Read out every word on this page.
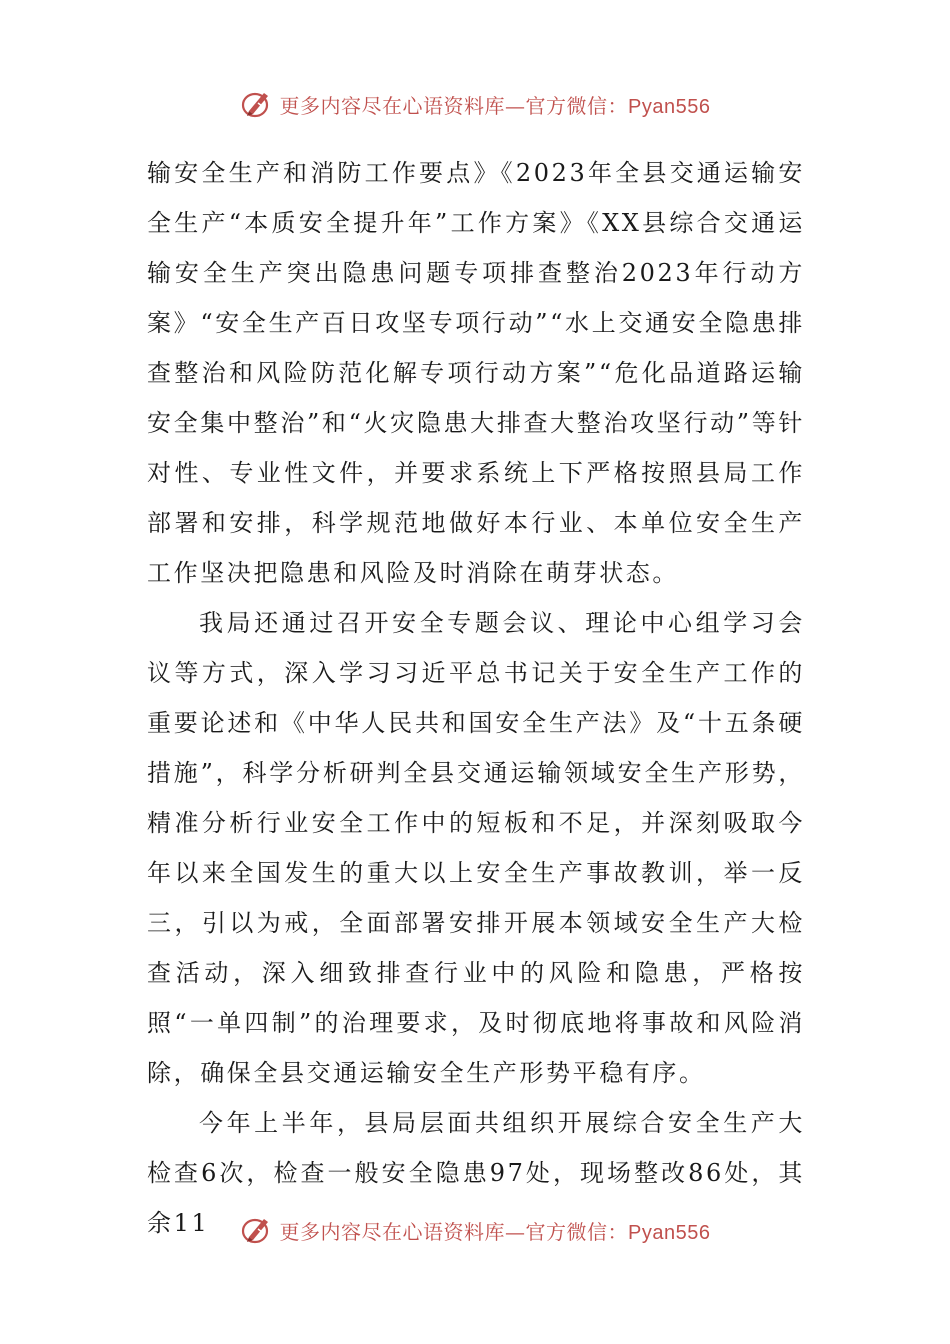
更多内容尽在心语资料库—官方微信：Pyan556

输安全生产和消防工作要点》《2023年全县交通运输安全生产“本质安全提升年”工作方案》《XX县综合交通运输安全生产突出隐患问题专项排查整治2023年行动方案》“安全生产百日攻坚专项行动”“水上交通安全隐患排查整治和风险防范化解专项行动方案”“危化品道路运输安全集中整治”和“火灾隐患大排查大整治攻坚行动”等针对性、专业性文件，并要求系统上下严格按照县局工作部署和安排，科学规范地做好本行业、本单位安全生产工作坚决把隐患和风险及时消除在萌芽状态。

我局还通过召开安全专题会议、理论中心组学习会议等方式，深入学习习近平总书记关于安全生产工作的重要论述和《中华人民共和国安全生产法》及“十五条硬措施”，科学分析研判全县交通运输领域安全生产形势，精准分析行业安全工作中的短板和不足，并深刻吸取今年以来全国发生的重大以上安全生产事故教训，举一反三，引以为戒，全面部署安排开展本领域安全生产大检查活动，深入细致排查行业中的风险和隐患，严格按照“一单四制”的治理要求，及时彻底地将事故和风险消除，确保全县交通运输安全生产形势平稳有序。

今年上半年，县局层面共组织开展综合安全生产大检查6次，检查一般安全隐患97处，现场整改86处，其余11	更多内容尽在心语资料库—官方微信：Pyan556
